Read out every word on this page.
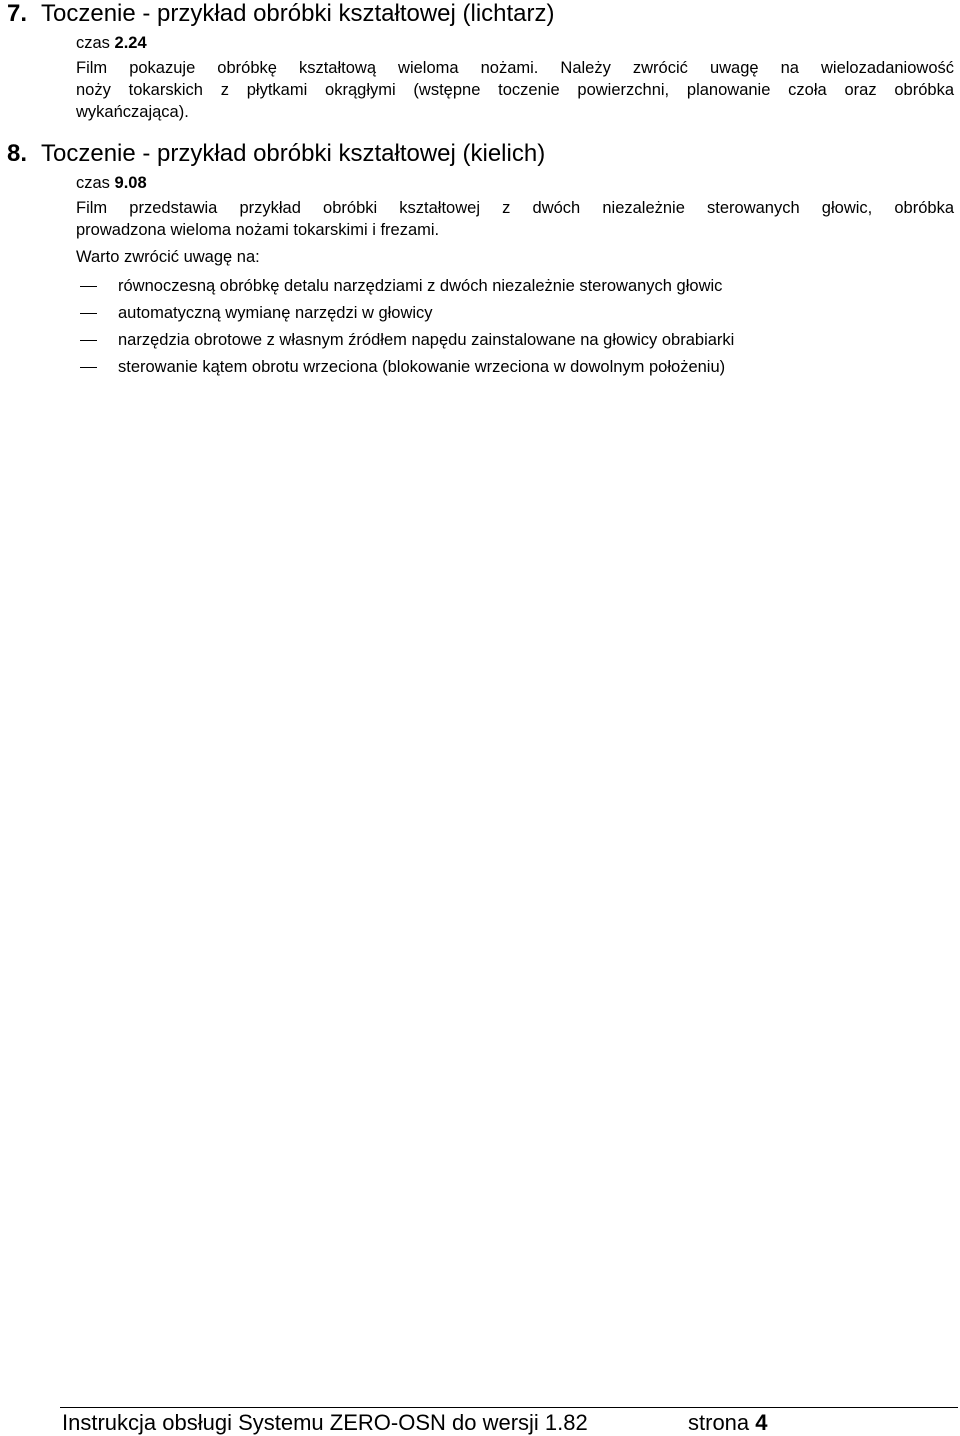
7. Toczenie - przykład obróbki kształtowej (lichtarz)
czas 2.24
Film pokazuje obróbkę kształtową wieloma nożami. Należy zwrócić uwagę na wielozadaniowość
noży tokarskich z płytkami okrągłymi (wstępne toczenie powierzchni, planowanie czoła oraz obróbka
wykańczająca).
8. Toczenie - przykład obróbki kształtowej (kielich)
czas 9.08
Film przedstawia przykład obróbki kształtowej z dwóch niezależnie sterowanych głowic, obróbka
prowadzona wieloma nożami tokarskimi i frezami.
Warto zwrócić uwagę na:
równoczesną obróbkę detalu narzędziami z dwóch niezależnie sterowanych głowic
automatyczną wymianę narzędzi w głowicy
narzędzia obrotowe z własnym źródłem napędu zainstalowane na głowicy obrabiarki
sterowanie kątem obrotu wrzeciona (blokowanie wrzeciona w dowolnym położeniu)
Instrukcja obsługi Systemu ZERO-OSN do wersji 1.82	strona 4
